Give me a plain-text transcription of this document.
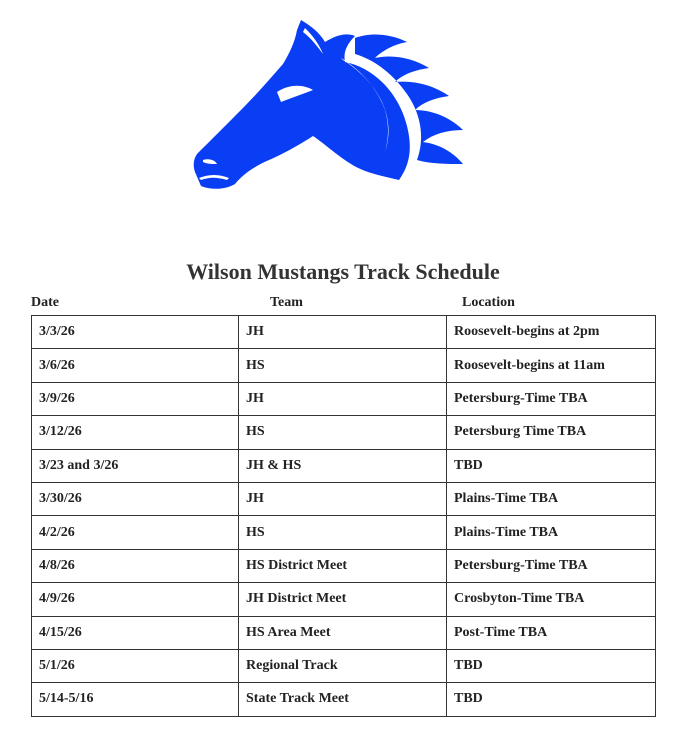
Wilson Mustangs Track Schedule
Date	Team	Location
3/3/26	JH	Roosevelt-begins at 2pm
3/6/26	HS	Roosevelt-begins at 11am
3/9/26	JH	Petersburg-Time TBA
3/12/26	HS	Petersburg Time TBA
3/23 and 3/26	JH & HS	TBD
3/30/26	JH	Plains-Time TBA
4/2/26	HS	Plains-Time TBA
4/8/26	HS District Meet	Petersburg-Time TBA
4/9/26	JH District Meet	Crosbyton-Time TBA
4/15/26	HS Area Meet	Post-Time TBA
5/1/26	Regional Track	TBD
5/14-5/16	State Track Meet	TBD
